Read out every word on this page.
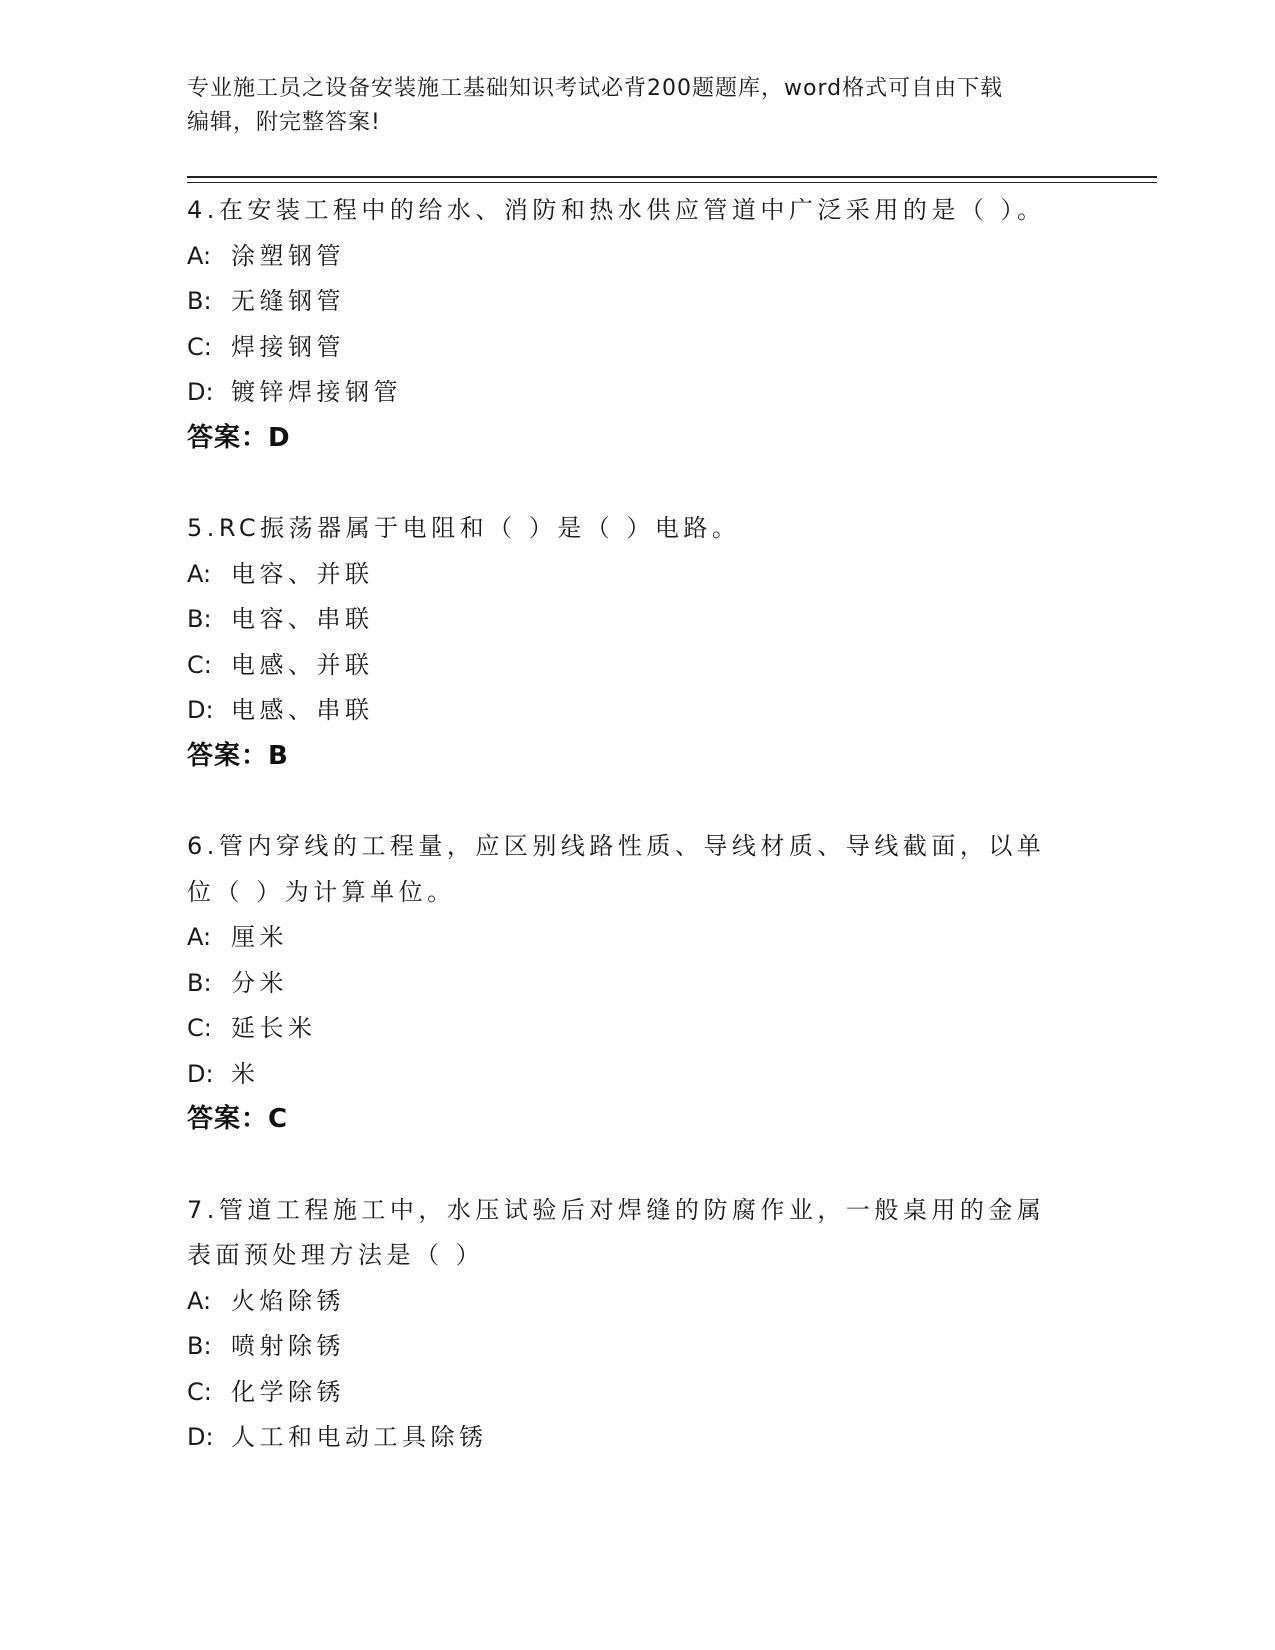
专业施工员之设备安装施工基础知识考试必背200题题库，word格式可自由下载
编辑，附完整答案!
4.在安装工程中的给水、消防和热水供应管道中广泛采用的是（ ）。
A: 涂塑钢管
B: 无缝钢管
C: 焊接钢管
D: 镀锌焊接钢管
答案：D
5.RC振荡器属于电阻和（ ）是（ ）电路。
A: 电容、并联
B: 电容、串联
C: 电感、并联
D: 电感、串联
答案：B
6.管内穿线的工程量，应区别线路性质、导线材质、导线截面，以单
位（ ）为计算单位。
A: 厘米
B: 分米
C: 延长米
D: 米
答案：C
7.管道工程施工中，水压试验后对焊缝的防腐作业，一般桌用的金属
表面预处理方法是（ ）
A: 火焰除锈
B: 喷射除锈
C: 化学除锈
D: 人工和电动工具除锈
